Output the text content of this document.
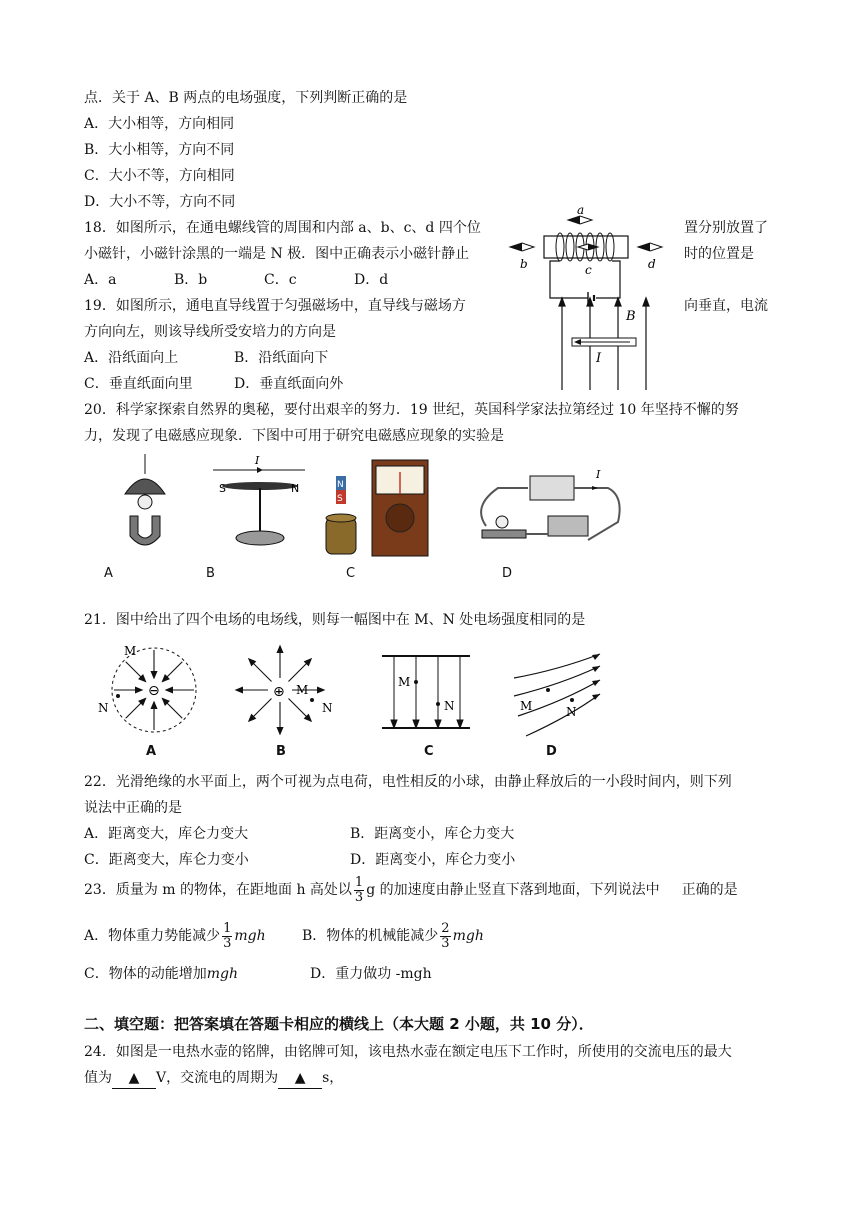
点．关于 A、B 两点的电场强度，下列判断正确的是
A．大小相等，方向相同
B．大小相等，方向不同
C．大小不等，方向相同
D．大小不等，方向不同
18．如图所示，在通电螺线管的周围和内部 a、b、c、d 四个位	置分别放置了
小磁针，小磁针涂黑的一端是 N 极．图中正确表示小磁针静止	时的位置是
A．a	B．b	C．c	D．d
a
b	c	d
19．如图所示，通电直导线置于匀强磁场中，直导线与磁场方	向垂直，电流
方向向左，则该导线所受安培力的方向是
A．沿纸面向上	B．沿纸面向下
C．垂直纸面向里	D．垂直纸面向外
B
I
20．科学家探索自然界的奥秘，要付出艰辛的努力．19 世纪，英国科学家法拉第经过 10 年坚持不懈的努
力，发现了电磁感应现象．下图中可用于研究电磁感应现象的实验是
A
I
S	N
B
N
S
C
I
D
21．图中给出了四个电场的电场线，则每一幅图中在 M、N 处电场强度相同的是
⊖
M
N
A
⊕ M
N
B
M
N
C
M	N
D
22．光滑绝缘的水平面上，两个可视为点电荷，电性相反的小球，由静止释放后的一小段时间内，则下列
说法中正确的是
A．距离变大，库仑力变大	B．距离变小，库仑力变大
C．距离变大，库仑力变小	D．距离变小，库仑力变小
23．质量为 m 的物体，在距地面 h 高处以 $\frac{1}{3}$ g 的加速度由静止竖直下落到地面，下列说法中 正确的是
A．物体重力势能减少 $\frac{1}{3}$ mgh	B．物体的机械能减少 $\frac{2}{3}$ mgh
C．物体的动能增加mgh	D．重力做功 -mgh
二、填空题：把答案填在答题卡相应的横线上（本大题 2 小题，共 10 分）．
24．如图是一电热水壶的铭牌，由铭牌可知，该电热水壶在额定电压下工作时，所使用的交流电压的最大
值为 ▲ V，交流电的周期为 ▲ s，
